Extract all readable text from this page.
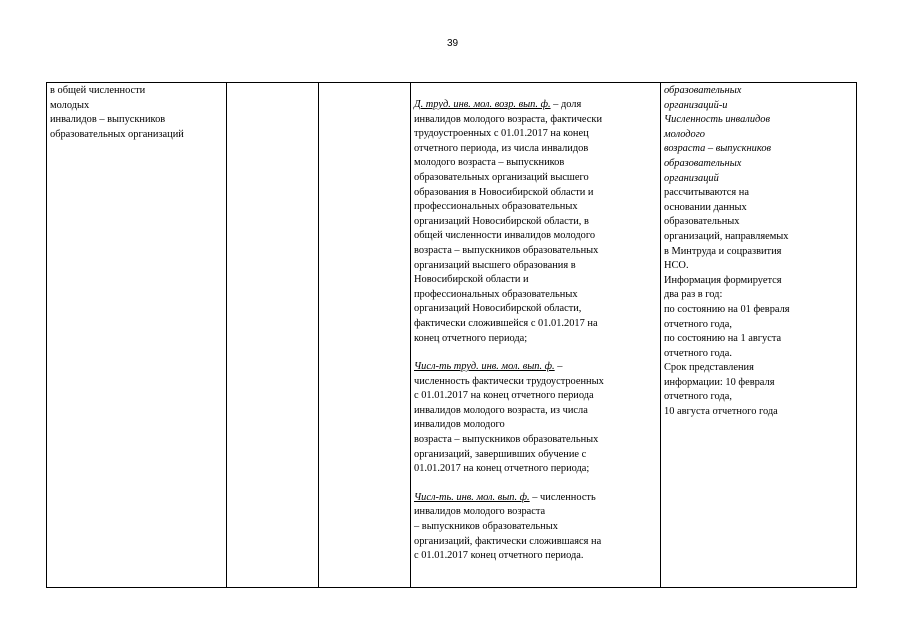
39
в общей численности
молодых
инвалидов – выпускников
образовательных организаций

Д. труд. инв. мол. возр. вып. ф. – доля
инвалидов молодого возраста, фактически
трудоустроенных с 01.01.2017 на конец
отчетного периода, из числа инвалидов
молодого возраста – выпускников
образовательных организаций высшего
образования в Новосибирской области и
профессиональных образовательных
организаций Новосибирской области, в
общей численности инвалидов молодого
возраста – выпускников образовательных
организаций высшего образования в
Новосибирской области и
профессиональных образовательных
организаций Новосибирской области,
фактически сложившейся с 01.01.2017 на
конец отчетного периода;
Числ-ть труд. инв. мол. вып. ф. –
численность фактически трудоустроенных
с 01.01.2017 на конец отчетного периода
инвалидов молодого возраста, из числа
инвалидов молодого
возраста – выпускников образовательных
организаций, завершивших обучение с
01.01.2017 на конец отчетного периода;
Числ-ть. инв. мол. вып. ф. – численность
инвалидов молодого возраста
– выпускников образовательных
организаций, фактически сложившаяся на
с 01.01.2017 конец отчетного периода.

образовательных
организаций-и
Численность инвалидов
молодого
возраста – выпускников
образовательных
организаций
рассчитываются на
основании данных
образовательных
организаций, направляемых
в Минтруда и соцразвития
НСО.
Информация формируется
два раз в год:
по состоянию на 01 февраля
отчетного года,
по состоянию на 1 августа
отчетного года.
Срок представления
информации: 10 февраля
отчетного года,
10 августа отчетного года
